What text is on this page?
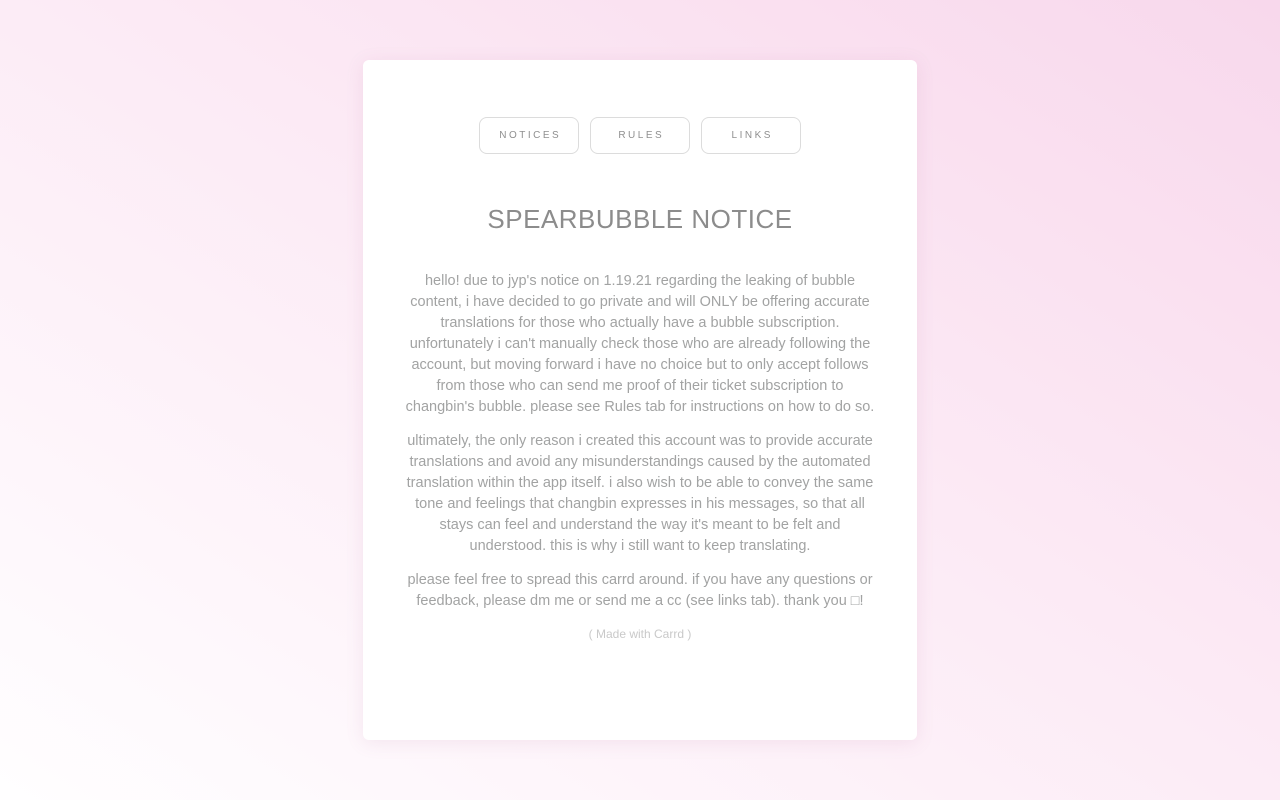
NOTICES	RULES	LINKS
SPEARBUBBLE NOTICE

hello! due to jyp's notice on 1.19.21 regarding the leaking of bubble content, i have decided to go private and will ONLY be offering accurate translations for those who actually have a bubble subscription. unfortunately i can't manually check those who are already following the account, but moving forward i have no choice but to only accept follows from those who can send me proof of their ticket subscription to changbin's bubble. please see Rules tab for instructions on how to do so.

ultimately, the only reason i created this account was to provide accurate translations and avoid any misunderstandings caused by the automated translation within the app itself. i also wish to be able to convey the same tone and feelings that changbin expresses in his messages, so that all stays can feel and understand the way it's meant to be felt and understood. this is why i still want to keep translating.

please feel free to spread this carrd around. if you have any questions or feedback, please dm me or send me a cc (see links tab). thank you □!

( Made with Carrd )
